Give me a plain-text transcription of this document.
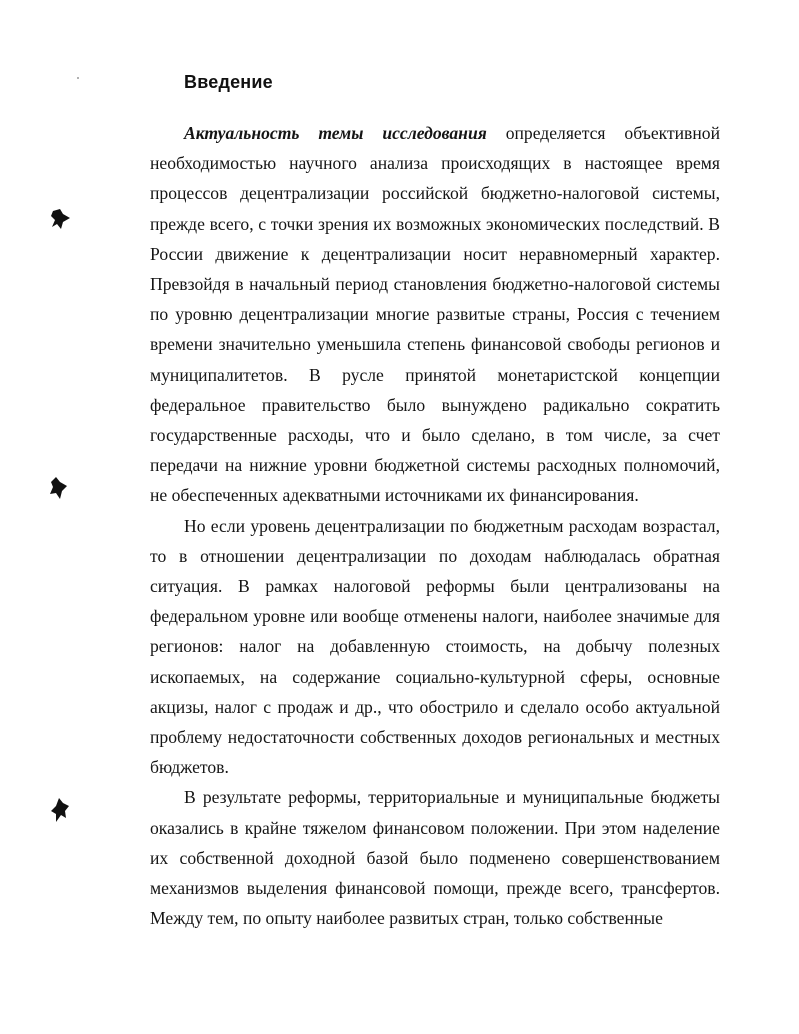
Введение

Актуальность темы исследования определяется объективной необходимостью научного анализа происходящих в настоящее время процессов децентрализации российской бюджетно-налоговой системы, прежде всего, с точки зрения их возможных экономических последствий. В России движение к децентрализации носит неравномерный характер. Превзойдя в начальный период становления бюджетно-налоговой системы по уровню децентрализации многие развитые страны, Россия с течением времени значительно уменьшила степень финансовой свободы регионов и муниципалитетов. В русле принятой монетаристской концепции федеральное правительство было вынуждено радикально сократить государственные расходы, что и было сделано, в том числе, за счет передачи на нижние уровни бюджетной системы расходных полномочий, не обеспеченных адекватными источниками их финансирования.

Но если уровень децентрализации по бюджетным расходам возрастал, то в отношении децентрализации по доходам наблюдалась обратная ситуация. В рамках налоговой реформы были централизованы на федеральном уровне или вообще отменены налоги, наиболее значимые для регионов: налог на добавленную стоимость, на добычу полезных ископаемых, на содержание социально-культурной сферы, основные акцизы, налог с продаж и др., что обострило и сделало особо актуальной проблему недостаточности собственных доходов региональных и местных бюджетов.

В результате реформы, территориальные и муниципальные бюджеты оказались в крайне тяжелом финансовом положении. При этом наделение их собственной доходной базой было подменено совершенствованием механизмов выделения финансовой помощи, прежде всего, трансфертов. Между тем, по опыту наиболее развитых стран, только собственные
